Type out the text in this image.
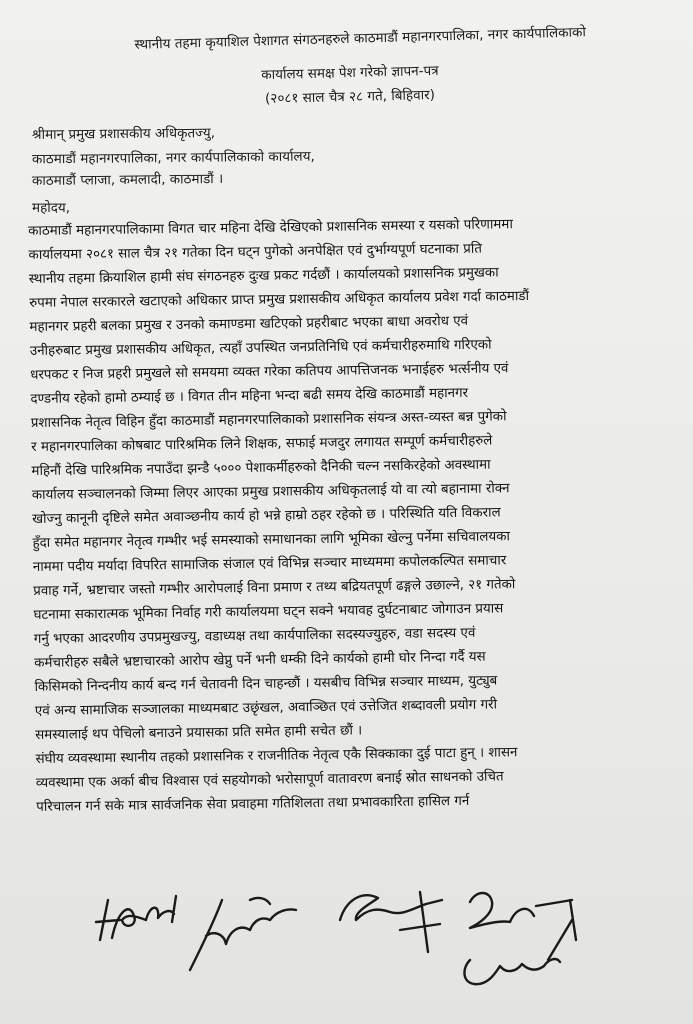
स्थानीय तहमा कृयाशिल पेशागत संगठनहरुले काठमाडौं महानगरपालिका, नगर कार्यपालिकाको
कार्यालय समक्ष पेश गरेको ज्ञापन-पत्र
(२०८१ साल चैत्र २८ गते, बिहिवार)
श्रीमान् प्रमुख प्रशासकीय अधिकृतज्यु,
काठमाडौं महानगरपालिका, नगर कार्यपालिकाको कार्यालय,
काठमाडौं प्लाजा, कमलादी, काठमाडौं ।
महोदय,
काठमाडौं महानगरपालिकामा विगत चार महिना देखि देखिएको प्रशासनिक समस्या र यसको परिणाममा
कार्यालयमा २०८१ साल चैत्र २१ गतेका दिन घट्न पुगेको अनपेक्षित एवं दुर्भाग्यपूर्ण घटनाका प्रति
स्थानीय तहमा क्रियाशिल हामी संघ संगठनहरु दुःख प्रकट गर्दछौं । कार्यालयको प्रशासनिक प्रमुखका
रुपमा नेपाल सरकारले खटाएको अधिकार प्राप्त प्रमुख प्रशासकीय अधिकृत कार्यालय प्रवेश गर्दा काठमाडौं
महानगर प्रहरी बलका प्रमुख र उनको कमाण्डमा खटिएको प्रहरीबाट भएका बाधा अवरोध एवं
उनीहरुबाट प्रमुख प्रशासकीय अधिकृत, त्यहाँ उपस्थित जनप्रतिनिधि एवं कर्मचारीहरुमाथि गरिएको
धरपकट र निज प्रहरी प्रमुखले सो समयमा व्यक्त गरेका कतिपय आपत्तिजनक भनाईहरु भर्त्सनीय एवं
दण्डनीय रहेको हामो ठम्याई छ । विगत तीन महिना भन्दा बढी समय देखि काठमाडौं महानगर
प्रशासनिक नेतृत्व विहिन हुँदा काठमाडौं महानगरपालिकाको प्रशासनिक संयन्त्र अस्त-व्यस्त बन्न पुगेको
र महानगरपालिका कोषबाट पारिश्रमिक लिने शिक्षक, सफाई मजदुर लगायत सम्पूर्ण कर्मचारीहरुले
महिनौं देखि पारिश्रमिक नपाउँदा झन्डै ५००० पेशाकर्मीहरुको दैनिकी चल्न नसकिरहेको अवस्थामा
कार्यालय सञ्चालनको जिम्मा लिएर आएका प्रमुख प्रशासकीय अधिकृतलाई यो वा त्यो बहानामा रोक्न
खोज्नु कानूनी दृष्टिले समेत अवाञ्छनीय कार्य हो भन्ने हाम्रो ठहर रहेको छ । परिस्थिति यति विकराल
हुँदा समेत महानगर नेतृत्व गम्भीर भई समस्याको समाधानका लागि भूमिका खेल्नु पर्नेमा सचिवालयका
नाममा पदीय मर्यादा विपरित सामाजिक संजाल एवं विभिन्न सञ्चार माध्यममा कपोलकल्पित समाचार
प्रवाह गर्ने, भ्रष्टाचार जस्तो गम्भीर आरोपलाई विना प्रमाण र तथ्य बद्रियतपूर्ण ढङ्गले उछाल्ने, २१ गतेको
घटनामा सकारात्मक भूमिका निर्वाह गरी कार्यालयमा घट्न सक्ने भयावह दुर्घटनाबाट जोगाउन प्रयास
गर्नु भएका आदरणीय उपप्रमुखज्यु, वडाध्यक्ष तथा कार्यपालिका सदस्यज्युहरु, वडा सदस्य एवं
कर्मचारीहरु सबैले भ्रष्टाचारको आरोप खेप्नु पर्ने भनी धम्की दिने कार्यको हामी घोर निन्दा गर्दै यस
किसिमको निन्दनीय कार्य बन्द गर्न चेतावनी दिन चाहन्छौं । यसबीच विभिन्न सञ्चार माध्यम, युट्युब
एवं अन्य सामाजिक सञ्जालका माध्यमबाट उछृंखल, अवाञ्छित एवं उत्तेजित शब्दावली प्रयोग गरी
समस्यालाई थप पेचिलो बनाउने प्रयासका प्रति समेत हामी सचेत छौं ।
संघीय व्यवस्थामा स्थानीय तहको प्रशासनिक र राजनीतिक नेतृत्व एकै सिक्काका दुई पाटा हुन् । शासन
व्यवस्थामा एक अर्का बीच विश्वास एवं सहयोगको भरोसापूर्ण वातावरण बनाई स्रोत साधनको उचित
परिचालन गर्न सके मात्र सार्वजनिक सेवा प्रवाहमा गतिशिलता तथा प्रभावकारिता हासिल गर्न
